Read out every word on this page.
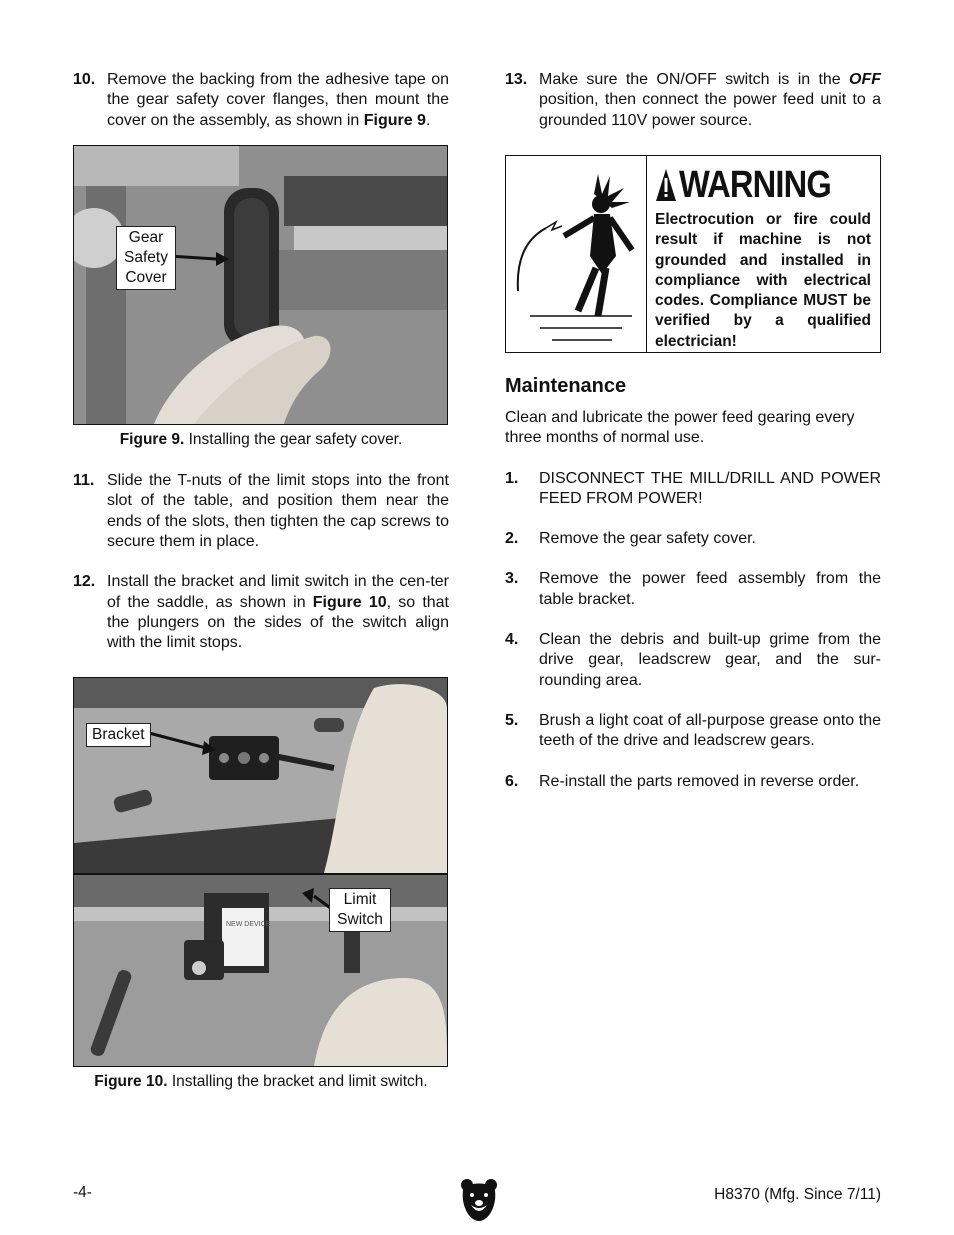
10. Remove the backing from the adhesive tape on the gear safety cover flanges, then mount the cover on the assembly, as shown in Figure 9.
Gear Safety Cover
Figure 9. Installing the gear safety cover.
11. Slide the T-nuts of the limit stops into the front slot of the table, and position them near the ends of the slots, then tighten the cap screws to secure them in place.
12. Install the bracket and limit switch in the cen-ter of the saddle, as shown in Figure 10, so that the plungers on the sides of the switch align with the limit stops.
NEW DEVICE
Bracket
Limit Switch
Figure 10. Installing the bracket and limit switch.
13. Make sure the ON/OFF switch is in the OFF position, then connect the power feed unit to a grounded 110V power source.
WARNING
Electrocution or fire could result if machine is not grounded and installed in compliance with electrical codes. Compliance MUST be verified by a qualified electrician!
Maintenance
Clean and lubricate the power feed gearing every three months of normal use.
1. DISCONNECT THE MILL/DRILL AND POWER FEED FROM POWER!
2. Remove the gear safety cover.
3. Remove the power feed assembly from the table bracket.
4. Clean the debris and built-up grime from the drive gear, leadscrew gear, and the sur-rounding area.
5. Brush a light coat of all-purpose grease onto the teeth of the drive and leadscrew gears.
6. Re-install the parts removed in reverse order.
-4-	H8370 (Mfg. Since 7/11)
